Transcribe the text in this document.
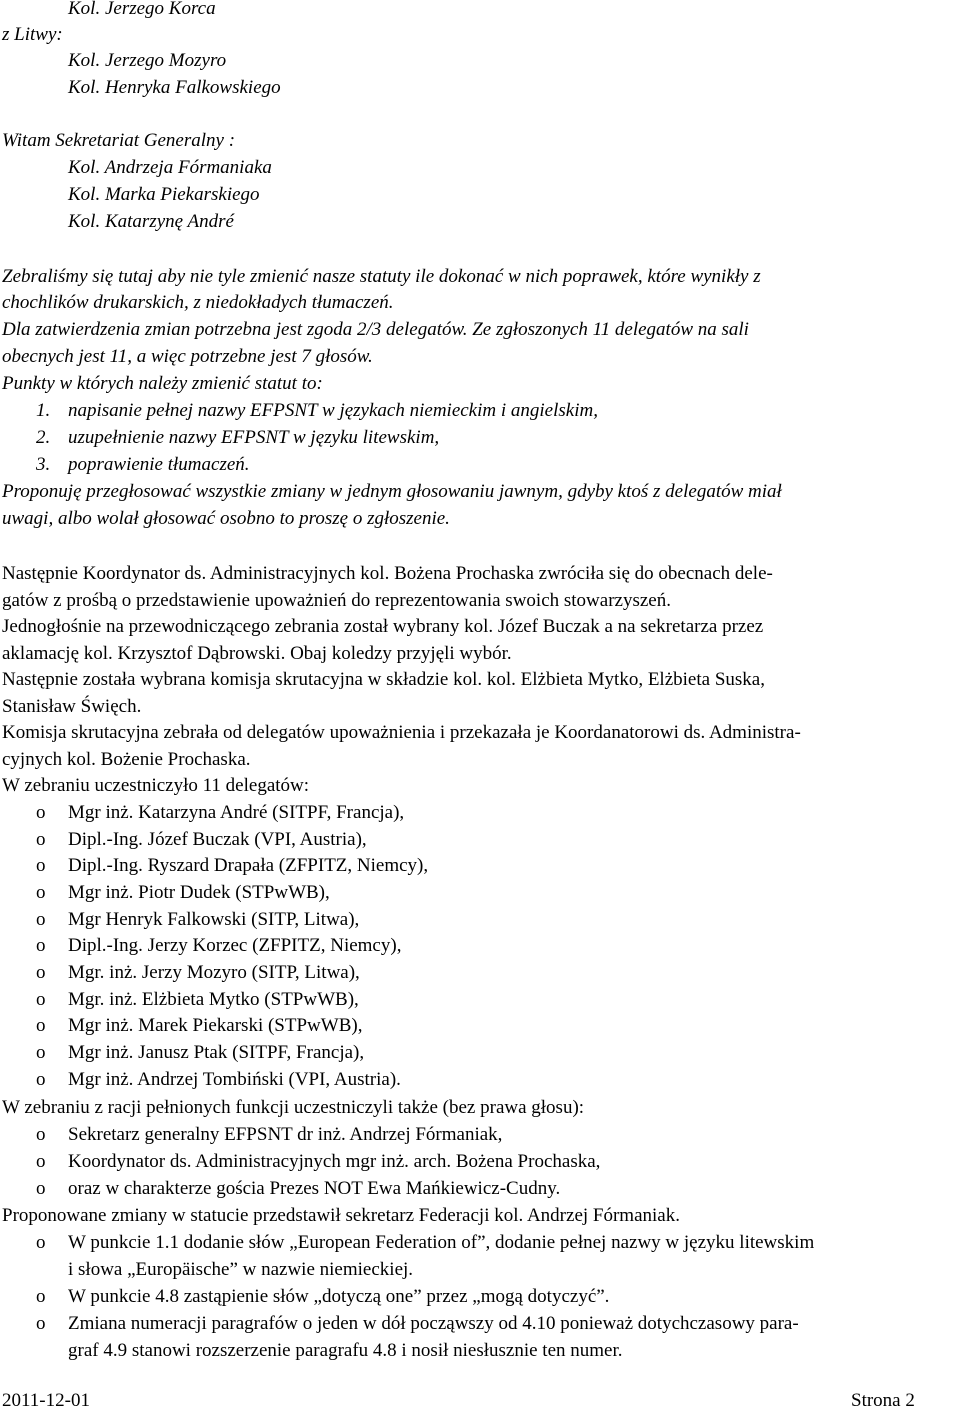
Kol. Jerzego Korca
z Litwy:
Kol. Jerzego Mozyro
Kol. Henryka Falkowskiego
Witam Sekretariat Generalny :
Kol. Andrzeja Fórmaniaka
Kol. Marka Piekarskiego
Kol. Katarzynę André
Zebraliśmy się tutaj aby nie tyle zmienić nasze statuty ile dokonać w nich poprawek, które wynikły z
chochlików drukarskich, z niedokładych tłumaczeń.
Dla zatwierdzenia zmian potrzebna jest zgoda 2/3 delegatów. Ze zgłoszonych 11 delegatów na sali
obecnych jest 11, a więc potrzebne jest 7 głosów.
Punkty w których należy zmienić statut to:
1. napisanie pełnej nazwy EFPSNT w językach niemieckim i angielskim,
2. uzupełnienie nazwy EFPSNT w języku litewskim,
3. poprawienie tłumaczeń.
Proponuję przegłosować wszystkie zmiany w jednym głosowaniu jawnym, gdyby ktoś z delegatów miał
uwagi, albo wolał głosować osobno to proszę o zgłoszenie.
Następnie Koordynator ds. Administracyjnych kol. Bożena Prochaska zwróciła się do obecnach dele-
gatów z prośbą o przedstawienie upoważnień do reprezentowania swoich stowarzyszeń.
Jednogłośnie na przewodniczącego zebrania został wybrany kol. Józef Buczak a na sekretarza przez
aklamację kol. Krzysztof Dąbrowski. Obaj koledzy przyjęli wybór.
Następnie została wybrana komisja skrutacyjna w składzie kol. kol. Elżbieta Mytko, Elżbieta Suska,
Stanisław Święch.
Komisja skrutacyjna zebrała od delegatów upoważnienia i przekazała je Koordanatorowi ds. Administra-
cyjnych kol. Bożenie Prochaska.
W zebraniu uczestniczyło 11 delegatów:
o Mgr inż. Katarzyna André (SITPF, Francja),
o Dipl.-Ing. Józef Buczak (VPI, Austria),
o Dipl.-Ing. Ryszard Drapała (ZFPITZ, Niemcy),
o Mgr inż. Piotr Dudek (STPwWB),
o Mgr Henryk Falkowski (SITP, Litwa),
o Dipl.-Ing. Jerzy Korzec (ZFPITZ, Niemcy),
o Mgr. inż. Jerzy Mozyro (SITP, Litwa),
o Mgr. inż. Elżbieta Mytko (STPwWB),
o Mgr inż. Marek Piekarski (STPwWB),
o Mgr inż. Janusz Ptak (SITPF, Francja),
o Mgr inż. Andrzej Tombiński (VPI, Austria).
W zebraniu z racji pełnionych funkcji uczestniczyli także (bez prawa głosu):
o Sekretarz generalny EFPSNT dr inż. Andrzej Fórmaniak,
o Koordynator ds. Administracyjnych mgr inż. arch. Bożena Prochaska,
o oraz w charakterze gościa Prezes NOT Ewa Mańkiewicz-Cudny.
Proponowane zmiany w statucie przedstawił sekretarz Federacji kol. Andrzej Fórmaniak.
o W punkcie 1.1 dodanie słów „European Federation of”, dodanie pełnej nazwy w języku litewskim
i słowa „Europäische” w nazwie niemieckiej.
o W punkcie 4.8 zastąpienie słów „dotyczą one” przez „mogą dotyczyć”.
o Zmiana numeracji paragrafów o jeden w dół począwszy od 4.10 ponieważ dotychczasowy para-
graf 4.9 stanowi rozszerzenie paragrafu 4.8 i nosił niesłusznie ten numer.
2011-12-01	Strona 2
